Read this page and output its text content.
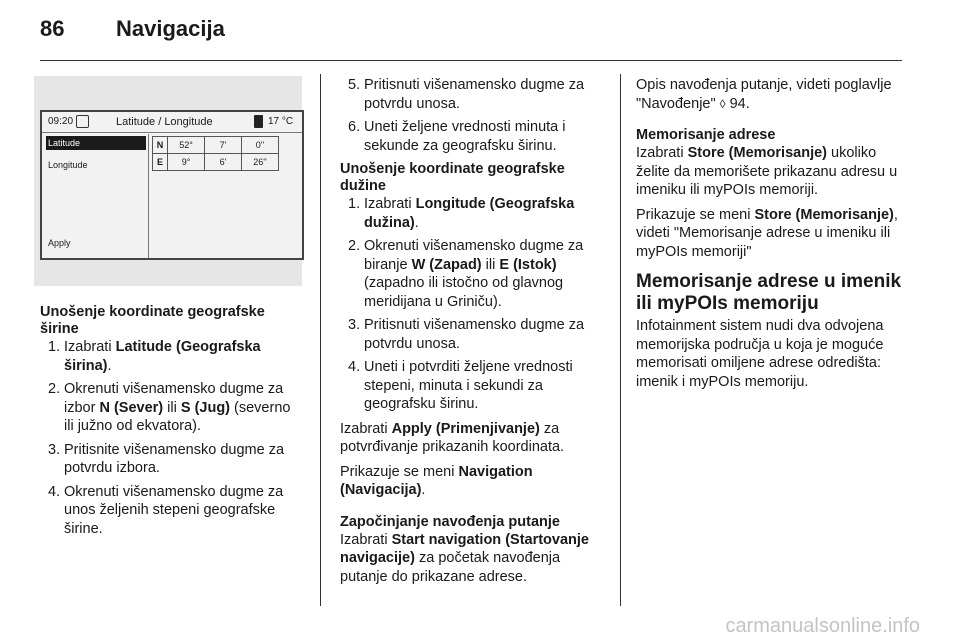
86 Navigacija
09:20	Latitude / Longitude	17 °C
Latitude
Longitude
Apply
N	52°	7'	0''
E	9°	6'	26''
Unošenje koordinate geografske
širine
1. Izabrati Latitude (Geografska širina).
2. Okrenuti višenamensko dugme za izbor N (Sever) ili S (Jug) (severno ili južno od ekvatora).
3. Pritisnite višenamensko dugme za potvrdu izbora.
4. Okrenuti višenamensko dugme za unos željenih stepeni geografske širine.
5. Pritisnuti višenamensko dugme za potvrdu unosa.
6. Uneti željene vrednosti minuta i sekunde za geografsku širinu.
Unošenje koordinate geografske
dužine
1. Izabrati Longitude (Geografska dužina).
2. Okrenuti višenamensko dugme za biranje W (Zapad) ili E (Istok) (zapadno ili istočno od glavnog meridijana u Griniču).
3. Pritisnuti višenamensko dugme za potvrdu unosa.
4. Uneti i potvrditi željene vrednosti stepeni, minuta i sekundi za geografsku širinu.

Izabrati Apply (Primenjivanje) za potvrđivanje prikazanih koordinata.

Prikazuje se meni Navigation (Navigacija).

Započinjanje navođenja putanje

Izabrati Start navigation (Startovanje navigacije) za početak navođenja putanje do prikazane adrese.

Opis navođenja putanje, videti poglavlje "Navođenje" ◊ 94.

Memorisanje adrese

Izabrati Store (Memorisanje) ukoliko želite da memorišete prikazanu adresu u imeniku ili myPOIs memoriji.

Prikazuje se meni Store (Memorisanje), videti "Memorisanje adrese u imeniku ili myPOIs memoriji"

Memorisanje adrese u imenik ili myPOIs memoriju

Infotainment sistem nudi dva odvojena memorijska područja u koja je moguće memorisati omiljene adrese odredišta: imenik i myPOIs memoriju.

carmanualsonline.info
